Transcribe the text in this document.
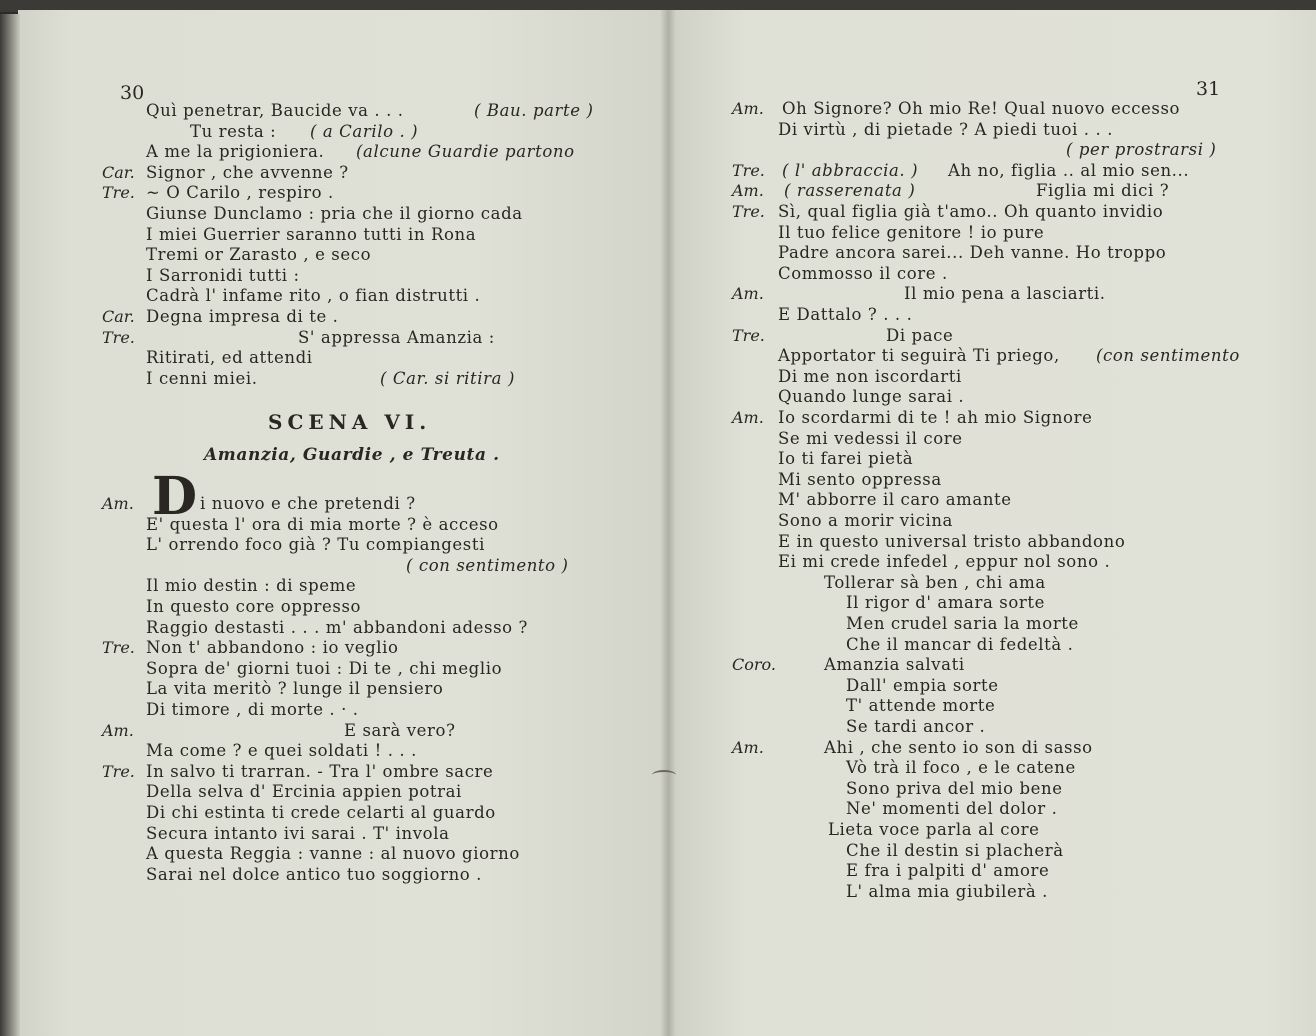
30	31
SCENA VI.
Amanzia, Guardie , e Treuta .
D
Quì penetrar, Baucide va . . .	( Bau. parte )
Tu resta : ( a Carilo . )
A me la prigioniera. (alcune Guardie partono
Car. Signor , che avvenne ?
Tre. ~ O Carilo , respiro .
Giunse Dunclamo : pria che il giorno cada
I miei Guerrier saranno tutti in Rona
Tremi or Zarasto , e seco
I Sarronidi tutti :
Cadrà l' infame rito , o fian distrutti .
Car. Degna impresa di te .
Tre.	S' appressa Amanzia :
Ritirati, ed attendi
I cenni miei.	( Car. si ritira )
Am.	i nuovo e che pretendi ?
E' questa l' ora di mia morte ? è acceso
L' orrendo foco già ? Tu compiangesti
( con sentimento )
Il mio destin : di speme
In questo core oppresso
Raggio destasti . . . m' abbandoni adesso ?
Tre. Non t' abbandono : io veglio
Sopra de' giorni tuoi : Di te , chi meglio
La vita meritò ? lunge il pensiero
Di timore , di morte . · .
Am.	E sarà vero?
Ma come ? e quei soldati ! . . .
Tre. In salvo ti trarran. - Tra l' ombre sacre
Della selva d' Ercinia appien potrai
Di chi estinta ti crede celarti al guardo
Secura intanto ivi sarai . T' invola
A questa Reggia : vanne : al nuovo giorno
Sarai nel dolce antico tuo soggiorno .
Am. Oh Signore? Oh mio Re! Qual nuovo eccesso
Di virtù , di pietade ? A piedi tuoi . . .
( per prostrarsi )
Tre.	Ah no, figlia .. al mio sen...
( l' abbraccia. )
Am.	Figlia mi dici ?
( rasserenata )
Tre. Sì, qual figlia già t'amo.. Oh quanto invidio
Il tuo felice genitore ! io pure
Padre ancora sarei... Deh vanne. Ho troppo
Commosso il core .
Am.	Il mio pena a lasciarti.
E Dattalo ? . . .
Tre.	Di pace
Apportator ti seguirà Ti priego, (con sentimento
Di me non iscordarti
Quando lunge sarai .
Am. Io scordarmi di te ! ah mio Signore
Se mi vedessi il core
Io ti farei pietà
Mi sento oppressa
M' abborre il caro amante
Sono a morir vicina
E in questo universal tristo abbandono
Ei mi crede infedel , eppur nol sono .
Tollerar sà ben , chi ama
Il rigor d' amara sorte
Men crudel saria la morte
Che il mancar di fedeltà .
Coro.	Amanzia salvati
Dall' empia sorte
T' attende morte
Se tardi ancor .
Am.	Ahi , che sento io son di sasso
Vò trà il foco , e le catene
Sono priva del mio bene
Ne' momenti del dolor .
Lieta voce parla al core
Che il destin si placherà
E fra i palpiti d' amore
L' alma mia giubilerà .
